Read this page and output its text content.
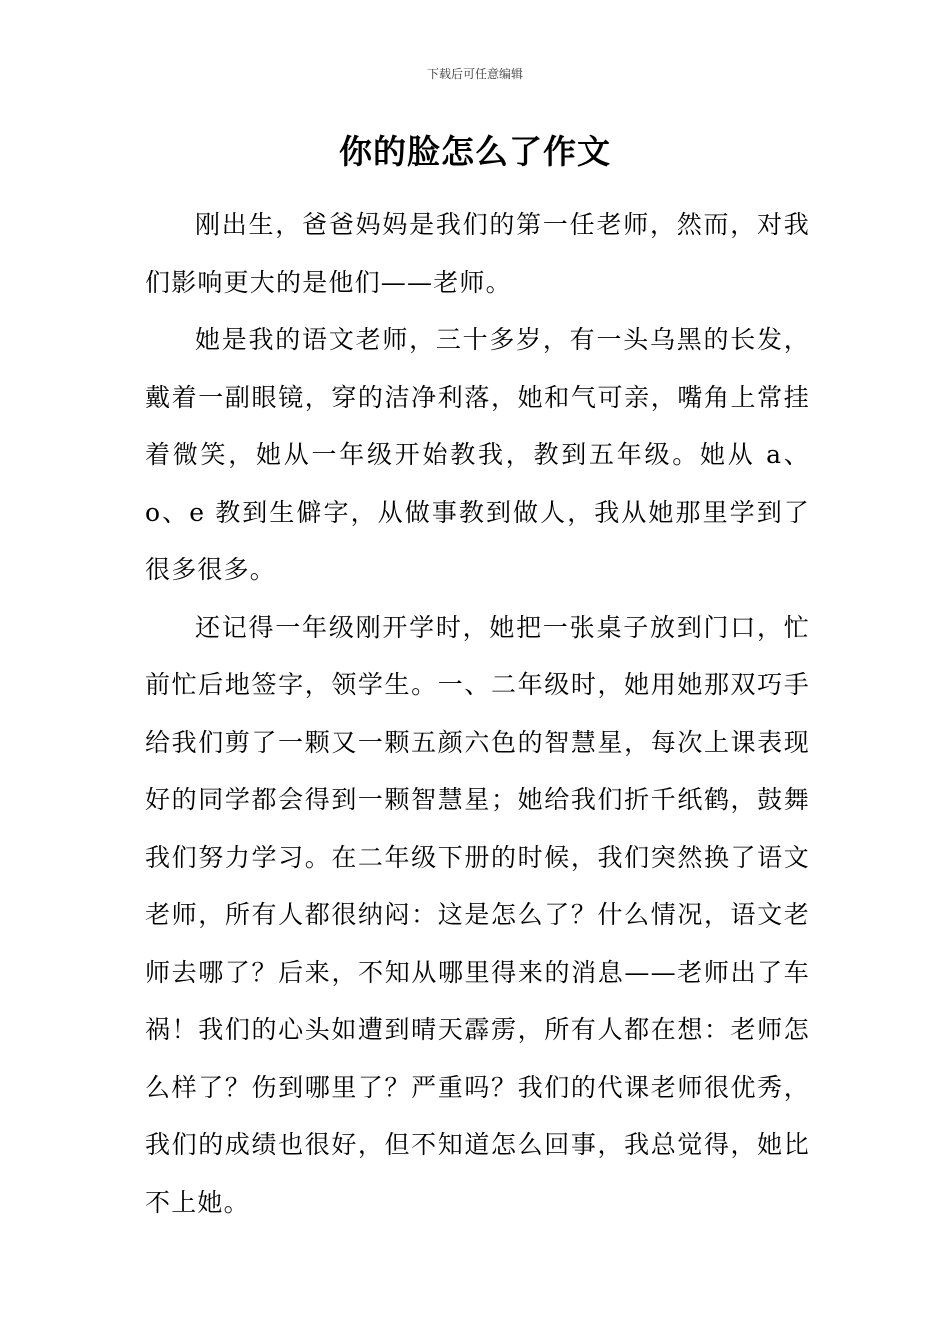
下载后可任意编辑
你的脸怎么了作文

刚出生，爸爸妈妈是我们的第一任老师，然而，对我们影响更大的是他们——老师。

她是我的语文老师，三十多岁，有一头乌黑的长发，戴着一副眼镜，穿的洁净利落，她和气可亲，嘴角上常挂着微笑，她从一年级开始教我，教到五年级。她从 a、o、e 教到生僻字，从做事教到做人，我从她那里学到了很多很多。

还记得一年级刚开学时，她把一张桌子放到门口，忙前忙后地签字，领学生。一、二年级时，她用她那双巧手给我们剪了一颗又一颗五颜六色的智慧星，每次上课表现好的同学都会得到一颗智慧星；她给我们折千纸鹤，鼓舞我们努力学习。在二年级下册的时候，我们突然换了语文老师，所有人都很纳闷：这是怎么了？什么情况，语文老师去哪了？后来，不知从哪里得来的消息——老师出了车祸！我们的心头如遭到晴天霹雳，所有人都在想：老师怎么样了？伤到哪里了？严重吗？我们的代课老师很优秀，我们的成绩也很好，但不知道怎么回事，我总觉得，她比不上她。
